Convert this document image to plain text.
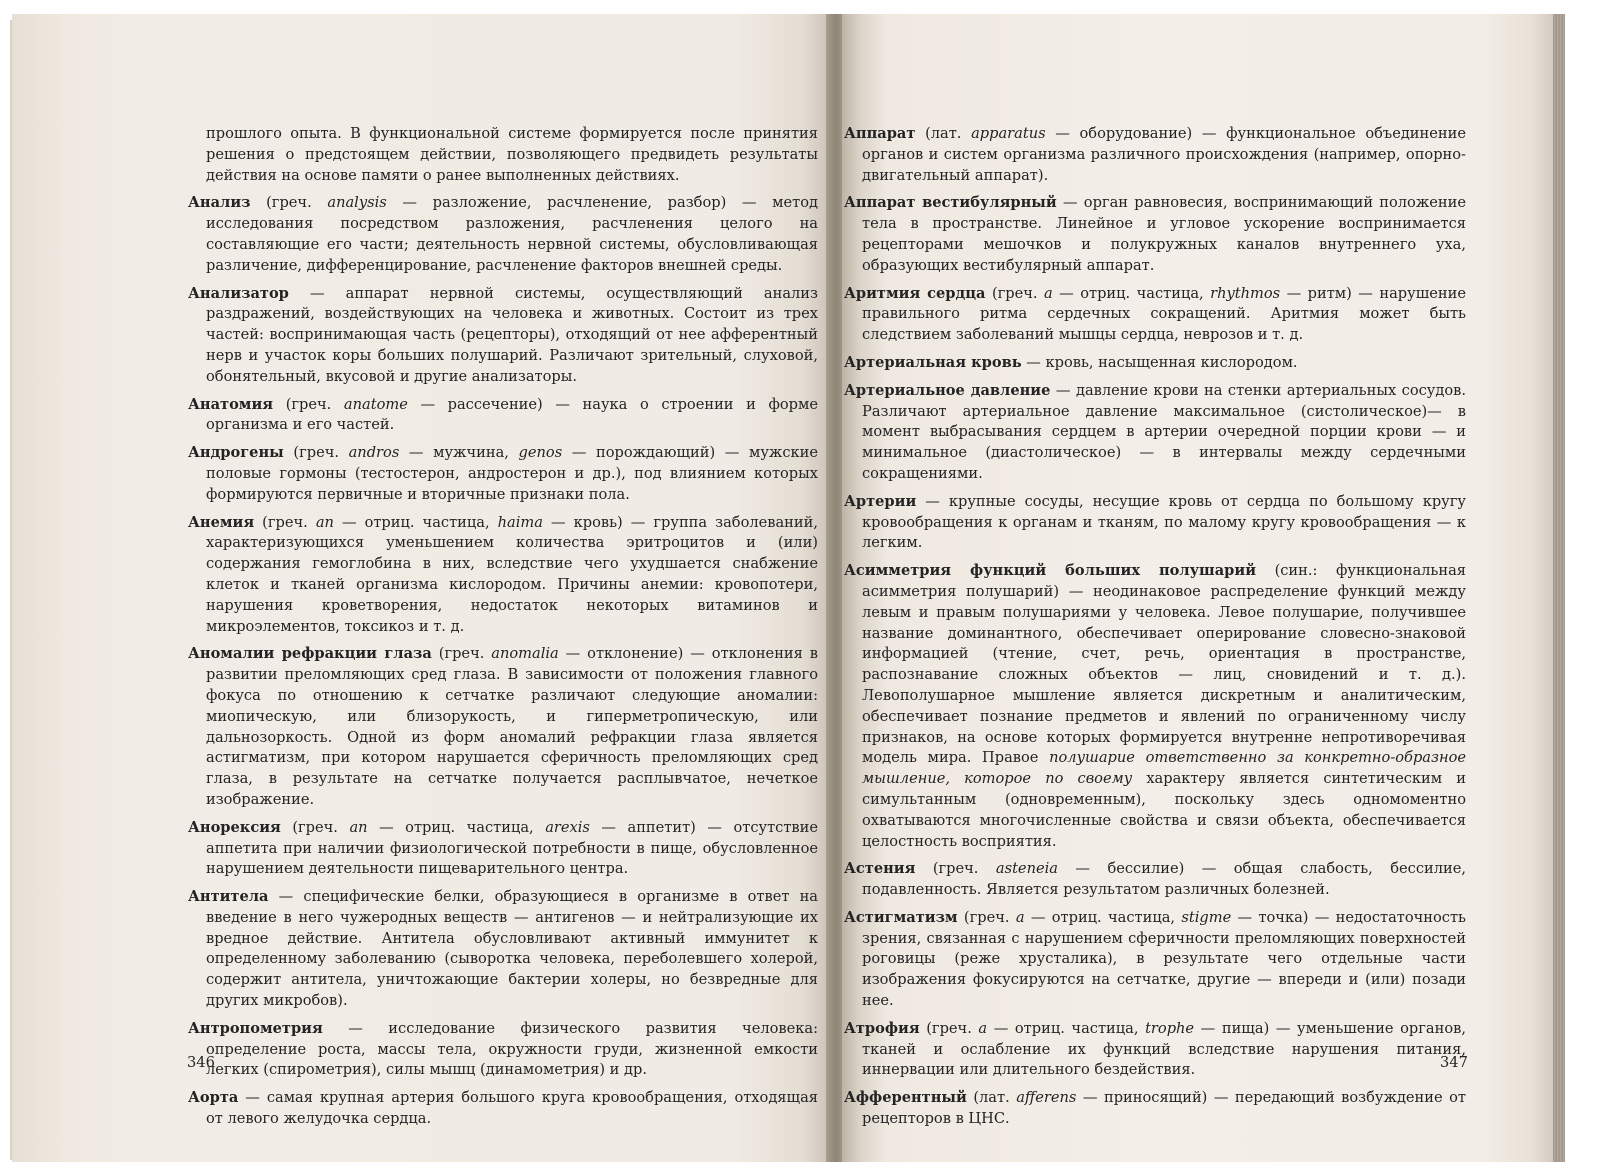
прошлого опыта. В функциональной системе формируется после принятия решения о предстоящем действии, позволяющего предвидеть результаты действия на основе памяти о ранее выполненных действиях.

Анализ (греч. analysis — разложение, расчленение, разбор) — метод исследования посредством разложения, расчленения целого на составляющие его части; деятельность нервной системы, обусловливающая различение, дифференцирование, расчленение факторов внешней среды.

Анализатор — аппарат нервной системы, осуществляющий анализ раздражений, воздействующих на человека и животных. Состоит из трех частей: воспринимающая часть (рецепторы), отходящий от нее афферентный нерв и участок коры больших полушарий. Различают зрительный, слуховой, обонятельный, вкусовой и другие анализаторы.

Анатомия (греч. anatome — рассечение) — наука о строении и форме организма и его частей.

Андрогены (греч. andros — мужчина, genos — порождающий) — мужские половые гормоны (тестостерон, андростерон и др.), под влиянием которых формируются первичные и вторичные признаки пола.

Анемия (греч. an — отриц. частица, haima — кровь) — группа заболеваний, характеризующихся уменьшением количества эритроцитов и (или) содержания гемоглобина в них, вследствие чего ухудшается снабжение клеток и тканей организма кислородом. Причины анемии: кровопотери, нарушения кроветворения, недостаток некоторых витаминов и микроэлементов, токсикоз и т. д.

Аномалии рефракции глаза (греч. anomalia — отклонение) — отклонения в развитии преломляющих сред глаза. В зависимости от положения главного фокуса по отношению к сетчатке различают следующие аномалии: миопическую, или близорукость, и гиперметропическую, или дальнозоркость. Одной из форм аномалий рефракции глаза является астигматизм, при котором нарушается сферичность преломляющих сред глаза, в результате на сетчатке получается расплывчатое, нечеткое изображение.

Анорексия (греч. an — отриц. частица, arexis — аппетит) — отсутствие аппетита при наличии физиологической потребности в пище, обусловленное нарушением деятельности пищеварительного центра.

Антитела — специфические белки, образующиеся в организме в ответ на введение в него чужеродных веществ — антигенов — и нейтрализующие их вредное действие. Антитела обусловливают активный иммунитет к определенному заболеванию (сыворотка человека, переболевшего холерой, содержит антитела, уничтожающие бактерии холеры, но безвредные для других микробов).

Антропометрия — исследование физического развития человека: определение роста, массы тела, окружности груди, жизненной емкости легких (спирометрия), силы мышц (динамометрия) и др.

Аорта — самая крупная артерия большого круга кровообращения, отходящая от левого желудочка сердца.

346

Аппарат (лат. apparatus — оборудование) — функциональное объединение органов и систем организма различного происхождения (например, опорно-двигательный аппарат).

Аппарат вестибулярный — орган равновесия, воспринимающий положение тела в пространстве. Линейное и угловое ускорение воспринимается рецепторами мешочков и полукружных каналов внутреннего уха, образующих вестибулярный аппарат.

Аритмия сердца (греч. a — отриц. частица, rhythmos — ритм) — нарушение правильного ритма сердечных сокращений. Аритмия может быть следствием заболеваний мышцы сердца, неврозов и т. д.

Артериальная кровь — кровь, насыщенная кислородом.

Артериальное давление — давление крови на стенки артериальных сосудов. Различают артериальное давление максимальное (систолическое)— в момент выбрасывания сердцем в артерии очередной порции крови — и минимальное (диастолическое) — в интервалы между сердечными сокращениями.

Артерии — крупные сосуды, несущие кровь от сердца по большому кругу кровообращения к органам и тканям, по малому кругу кровообращения — к легким.

Асимметрия функций больших полушарий (син.: функциональная асимметрия полушарий) — неодинаковое распределение функций между левым и правым полушариями у человека. Левое полушарие, получившее название доминантного, обеспечивает оперирование словесно-знаковой информацией (чтение, счет, речь, ориентация в пространстве, распознавание сложных объектов — лиц, сновидений и т. д.). Левополушарное мышление является дискретным и аналитическим, обеспечивает познание предметов и явлений по ограниченному числу признаков, на основе которых формируется внутренне непротиворечивая модель мира. Правое полушарие ответственно за конкретно-образное мышление, которое по своему характеру является синтетическим и симультанным (одновременным), поскольку здесь одномоментно охватываются многочисленные свойства и связи объекта, обеспечивается целостность восприятия.

Астения (греч. asteneia — бессилие) — общая слабость, бессилие, подавленность. Является результатом различных болезней.

Астигматизм (греч. a — отриц. частица, stigme — точка) — недостаточность зрения, связанная с нарушением сферичности преломляющих поверхностей роговицы (реже хрусталика), в результате чего отдельные части изображения фокусируются на сетчатке, другие — впереди и (или) позади нее.

Атрофия (греч. a — отриц. частица, trophe — пища) — уменьшение органов, тканей и ослабление их функций вследствие нарушения питания, иннервации или длительного бездействия.

Афферентный (лат. afferens — приносящий) — передающий возбуждение от рецепторов в ЦНС.

347
